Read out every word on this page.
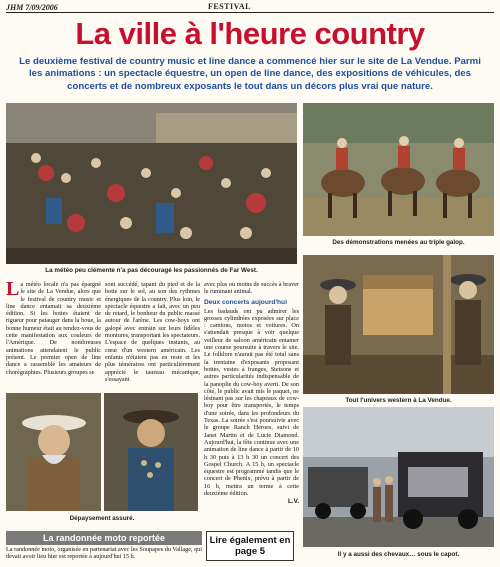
JHM 7/09/2006	FESTIVAL
La ville à l'heure country
Le deuxième festival de country music et line dance a commencé hier sur le site de La Vendue. Parmi les animations : un spectacle équestre, un open de line dance, des expositions de véhicules, des concerts et de nombreux exposants le tout dans un décors plus vrai que nature.
La météo peu clémente n'a pas découragé les passionnés de Far West.
Des démonstrations menées au triple galop.
Tout l'univers western à La Vendue.
Dépaysement assuré.
Il y a aussi des chevaux… sous le capot.

La météo locale n'a pas épargné le site de La Vendue, alors que le festival de country music et line dance entamait sa deuxième édition. Si les bottes étaient de rigueur pour patauger dans la boue, la bonne humeur était au rendez-vous de cette manifestation aux couleurs de l'Amérique. De nombreuses animations attendaient le public présent. Le premier open de line dance a rassemblé les amateurs de chorégraphies. Plusieurs groupes se

sont succédé, tapant du pied et de la botte sur le sol, au son des rythmes énergiques de la country. Plus loin, le spectacle équestre a fait, avec un peu de retard, le bonheur du public massé autour de l'arène. Les cow-boys ont galopé avec entrain sur leurs fidèles montures, transportant les spectateurs. L'espace de quelques instants, au cœur d'un western américain. Les enfants n'étaient pas en reste et les plus téméraires ont particulièrement apprécié le taureau mécanique, s'essayant

avec plus ou moins de succès à braver le ruminant animal.

Deux concerts aujourd'hui

Les badauds ont pu admirer les grosses cylindrées exposées sur place : camions, motos et voitures. On s'attendait presque à voir quelque veilleur de saloon américain entamer une course poursuite à travers le site. Le folklore n'aurait pas été total sans la trentaine d'exposants proposant bottes, vestes à franges, Stetsons et autres particularités indispensable de la panoplie du cow-boy averti. De son côté, le public avait mis le paquet, ne lésinant pas sur les chapeaux de cow-boy pour être transportés, le temps d'une soirée, dans les profondeurs du Texas. La soirée s'est poursuivie avec le groupe Ranch Heroes, suivi de Janet Martin et de Lucie Diamond. Aujourd'hui, la fête continue avec une animation de line dance à partir de 10 h 30 puis à 13 h 30 un concert des Gospel Church. A 15 h, un spectacle équestre est programmé tandis que le concert de Phenix, prévu à partir de 16 h, mettra un terme à cette deuxième édition.

L.V.
La randonnée moto reportée

La randonnée moto, organisée en partenariat avec les Soupapes du Vallage, qui devait avoir lieu hier est reportée à aujourd'hui 15 h.

Lire également en page 5
